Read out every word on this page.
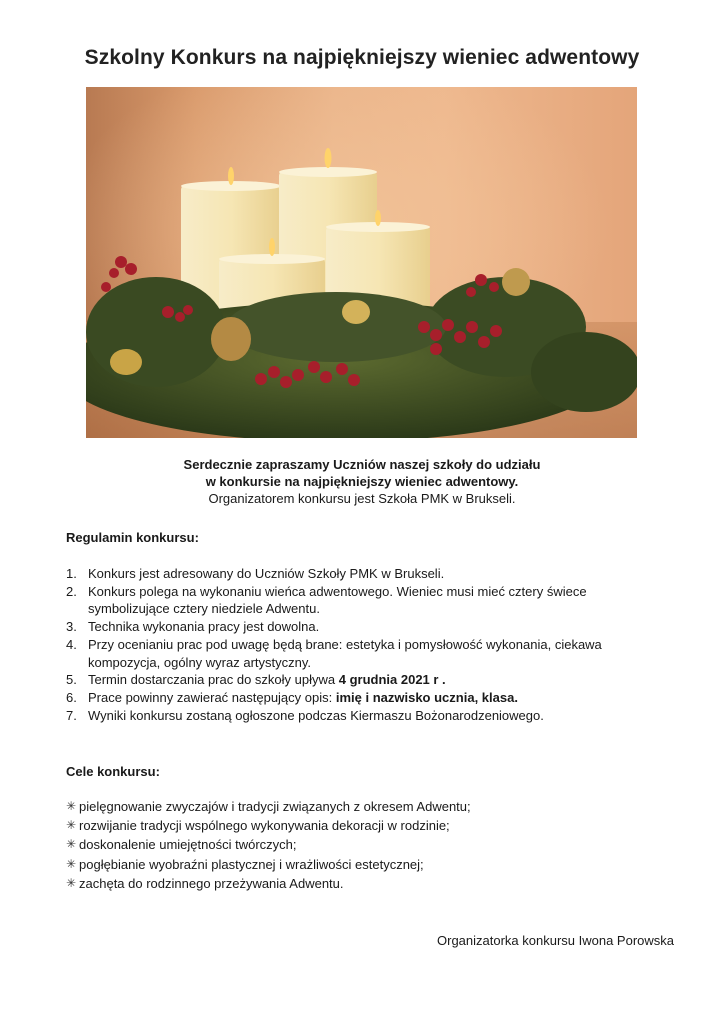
Szkolny Konkurs na najpiękniejszy wieniec adwentowy
Serdecznie zapraszamy Uczniów naszej szkoły do udziału
w konkursie na najpiękniejszy wieniec adwentowy.
Organizatorem konkursu jest Szkoła PMK w Brukseli.
Regulamin konkursu:
1. Konkurs jest adresowany do Uczniów Szkoły PMK w Brukseli.
2. Konkurs polega na wykonaniu wieńca adwentowego. Wieniec musi mieć cztery świece symbolizujące cztery niedziele Adwentu.
3. Technika wykonania pracy jest dowolna.
4. Przy ocenianiu prac pod uwagę będą brane: estetyka i pomysłowość wykonania, ciekawa kompozycja, ogólny wyraz artystyczny.
5. Termin dostarczania prac do szkoły upływa 4 grudnia 2021 r .
6. Prace powinny zawierać następujący opis: imię i nazwisko ucznia, klasa.
7. Wyniki konkursu zostaną ogłoszone podczas Kiermaszu Bożonarodzeniowego.
Cele konkursu:
✳ pielęgnowanie zwyczajów i tradycji związanych z okresem Adwentu;
✳ rozwijanie tradycji wspólnego wykonywania dekoracji w rodzinie;
✳ doskonalenie umiejętności twórczych;
✳ pogłębianie wyobraźni plastycznej i wrażliwości estetycznej;
✳ zachęta do rodzinnego przeżywania Adwentu.
Organizatorka konkursu Iwona Porowska
